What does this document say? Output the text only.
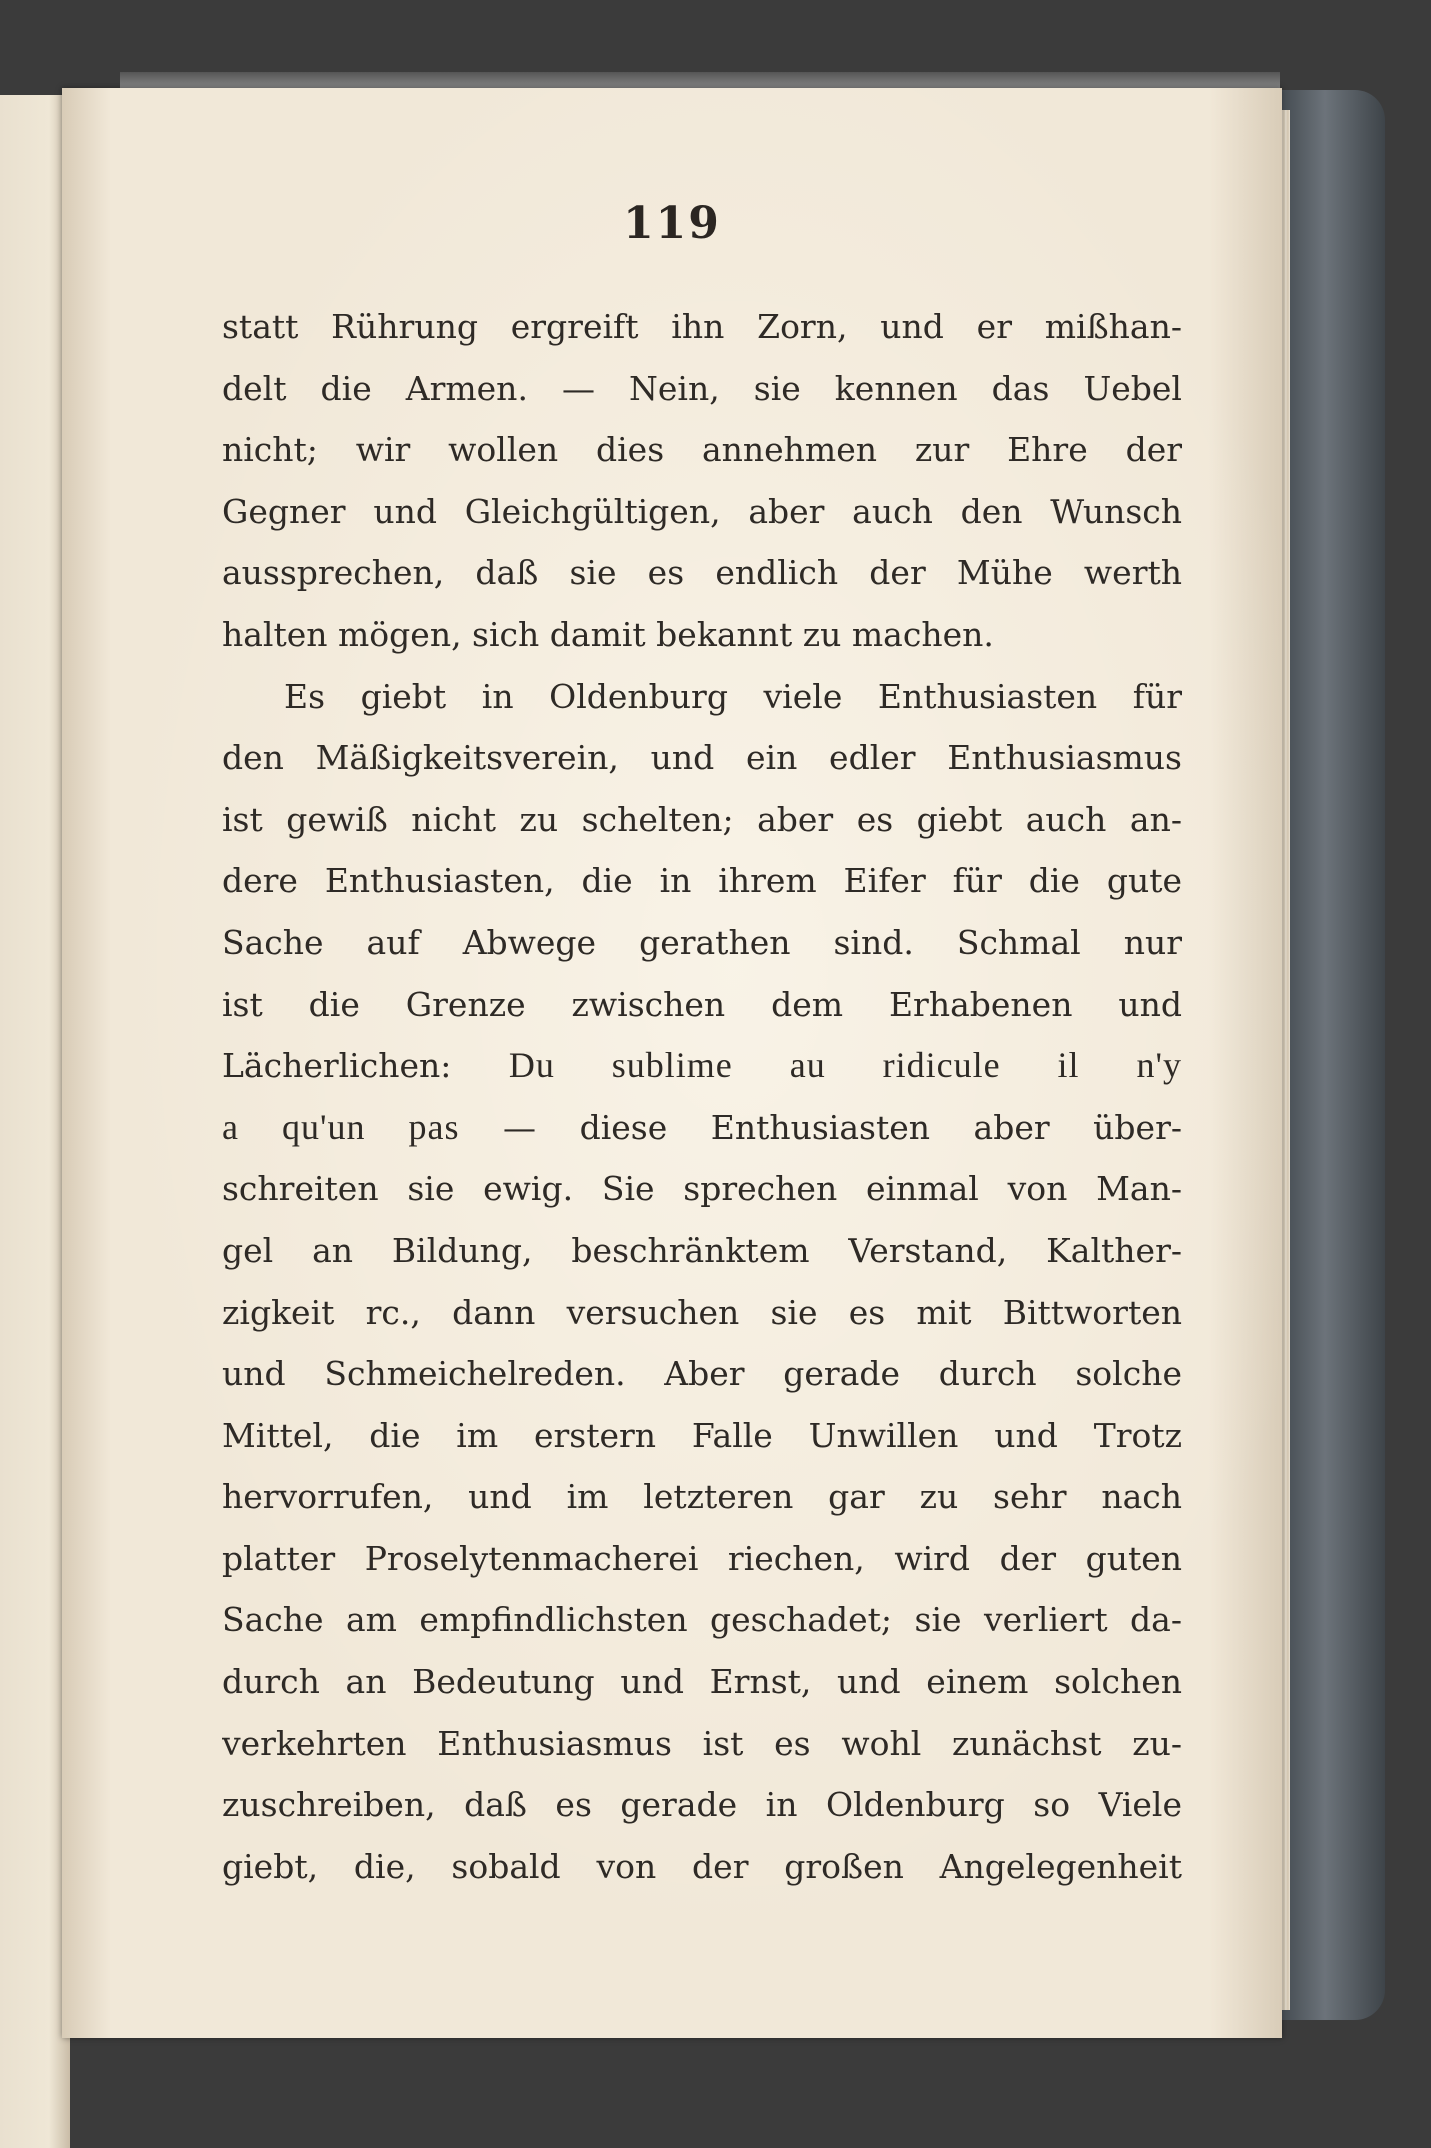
119
statt Rührung ergreift ihn Zorn, und er mißhan-
delt die Armen. — Nein, sie kennen das Uebel
nicht; wir wollen dies annehmen zur Ehre der
Gegner und Gleichgültigen, aber auch den Wunsch
aussprechen, daß sie es endlich der Mühe werth
halten mögen, sich damit bekannt zu machen.
Es giebt in Oldenburg viele Enthusiasten für
den Mäßigkeitsverein, und ein edler Enthusiasmus
ist gewiß nicht zu schelten; aber es giebt auch an-
dere Enthusiasten, die in ihrem Eifer für die gute
Sache auf Abwege gerathen sind. Schmal nur
ist die Grenze zwischen dem Erhabenen und
Lächerlichen: Du sublime au ridicule il n'y
a qu'un pas — diese Enthusiasten aber über-
schreiten sie ewig. Sie sprechen einmal von Man-
gel an Bildung, beschränktem Verstand, Kalther-
zigkeit rc., dann versuchen sie es mit Bittworten
und Schmeichelreden. Aber gerade durch solche
Mittel, die im erstern Falle Unwillen und Trotz
hervorrufen, und im letzteren gar zu sehr nach
platter Proselytenmacherei riechen, wird der guten
Sache am empfindlichsten geschadet; sie verliert da-
durch an Bedeutung und Ernst, und einem solchen
verkehrten Enthusiasmus ist es wohl zunächst zu-
zuschreiben, daß es gerade in Oldenburg so Viele
giebt, die, sobald von der großen Angelegenheit
